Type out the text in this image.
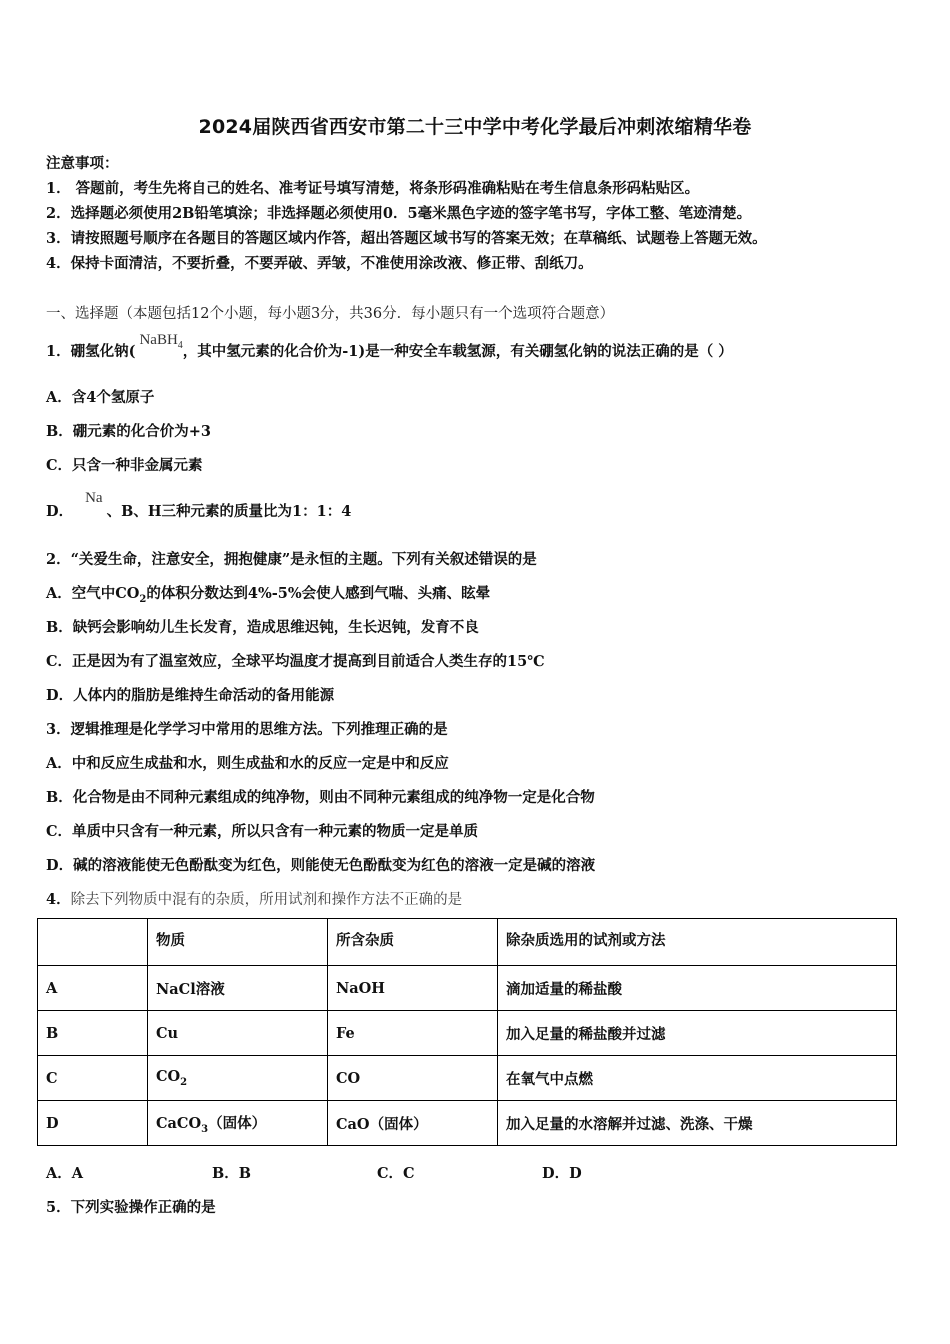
2024届陕西省西安市第二十三中学中考化学最后冲刺浓缩精华卷
注意事项：
1． 答题前，考生先将自己的姓名、准考证号填写清楚，将条形码准确粘贴在考生信息条形码粘贴区。
2．选择题必须使用2B铅笔填涂；非选择题必须使用0．5毫米黑色字迹的签字笔书写，字体工整、笔迹清楚。
3．请按照题号顺序在各题目的答题区域内作答，超出答题区域书写的答案无效；在草稿纸、试题卷上答题无效。
4．保持卡面清洁，不要折叠，不要弄破、弄皱，不准使用涂改液、修正带、刮纸刀。
一、选择题（本题包括12个小题，每小题3分，共36分．每小题只有一个选项符合题意）
1．硼氢化钠(NaBH$_4$，其中氢元素的化合价为-1)是一种安全车载氢源，有关硼氢化钠的说法正确的是（ ）
A．含4个氢原子
B．硼元素的化合价为+3
C．只含一种非金属元素
D．Na、B、H三种元素的质量比为1：1：4
2．“关爱生命，注意安全，拥抱健康”是永恒的主题。下列有关叙述错误的是
A．空气中$CO_2$的体积分数达到4%-5%会使人感到气喘、头痛、眩晕
B．缺钙会影响幼儿生长发育，造成思维迟钝，生长迟钝，发育不良
C．正是因为有了温室效应，全球平均温度才提高到目前适合人类生存的15℃
D．人体内的脂肪是维持生命活动的备用能源
3．逻辑推理是化学学习中常用的思维方法。下列推理正确的是
A．中和反应生成盐和水，则生成盐和水的反应一定是中和反应
B．化合物是由不同种元素组成的纯净物，则由不同种元素组成的纯净物一定是化合物
C．单质中只含有一种元素，所以只含有一种元素的物质一定是单质
D．碱的溶液能使无色酚酞变为红色，则能使无色酚酞变为红色的溶液一定是碱的溶液
4．除去下列物质中混有的杂质，所用试剂和操作方法不正确的是
	物质	所含杂质	除杂质选用的试剂或方法
A	NaCl溶液	NaOH	滴加适量的稀盐酸
B	Cu	Fe	加入足量的稀盐酸并过滤
C	$CO_2$	CO	在氧气中点燃
D	CaCO$_3$（固体）	CaO（固体）	加入足量的水溶解并过滤、洗涤、干燥
A．A	B．B	C．C	D．D
5．下列实验操作正确的是
